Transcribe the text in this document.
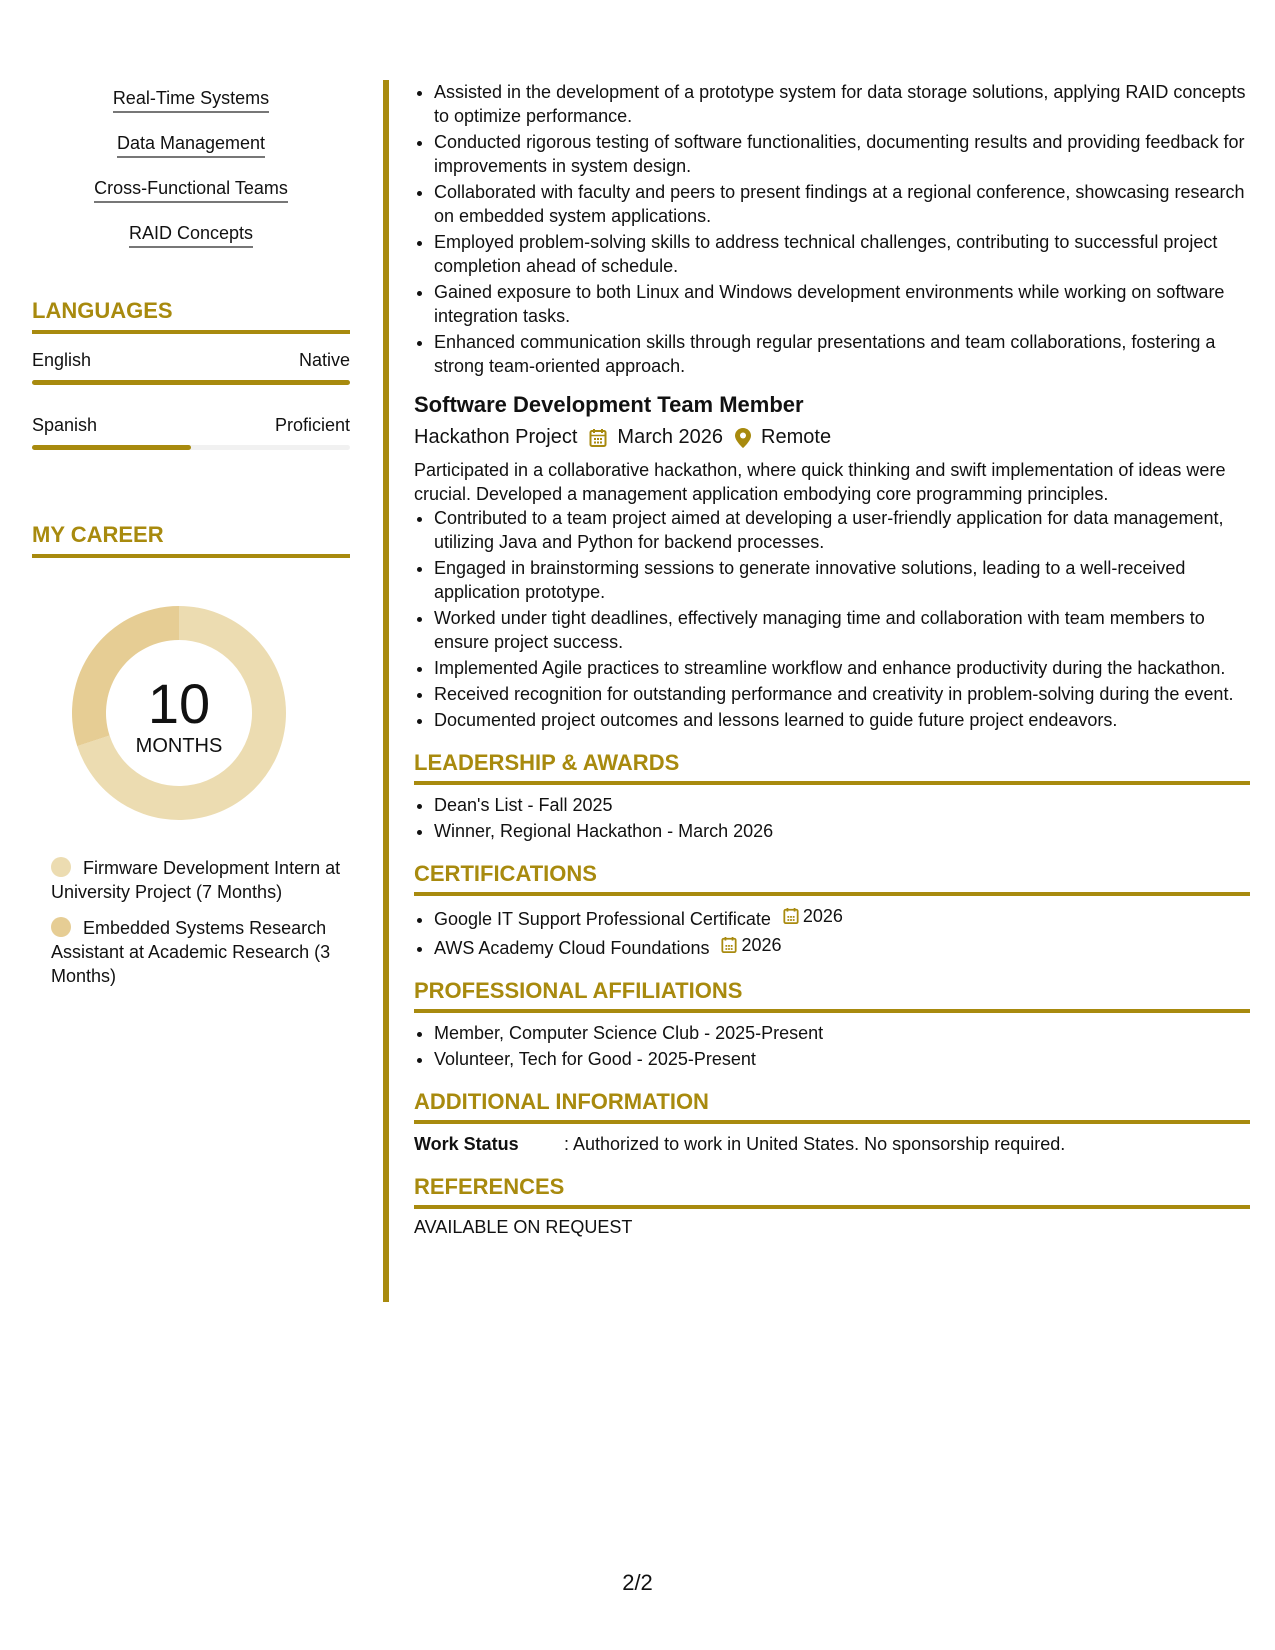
Real-Time Systems
Data Management
Cross-Functional Teams
RAID Concepts
LANGUAGES
English	Native
Spanish	Proficient
MY CAREER
10
MONTHS
Firmware Development Intern at University Project (7 Months)
Embedded Systems Research Assistant at Academic Research (3 Months)
• Assisted in the development of a prototype system for data storage solutions, applying RAID concepts to optimize performance.
• Conducted rigorous testing of software functionalities, documenting results and providing feedback for improvements in system design.
• Collaborated with faculty and peers to present findings at a regional conference, showcasing research on embedded system applications.
• Employed problem-solving skills to address technical challenges, contributing to successful project completion ahead of schedule.
• Gained exposure to both Linux and Windows development environments while working on software integration tasks.
• Enhanced communication skills through regular presentations and team collaborations, fostering a strong team-oriented approach.
Software Development Team Member
Hackathon Project March 2026 Remote
Participated in a collaborative hackathon, where quick thinking and swift implementation of ideas were crucial. Developed a management application embodying core programming principles.
• Contributed to a team project aimed at developing a user-friendly application for data management, utilizing Java and Python for backend processes.
• Engaged in brainstorming sessions to generate innovative solutions, leading to a well-received application prototype.
• Worked under tight deadlines, effectively managing time and collaboration with team members to ensure project success.
• Implemented Agile practices to streamline workflow and enhance productivity during the hackathon.
• Received recognition for outstanding performance and creativity in problem-solving during the event.
• Documented project outcomes and lessons learned to guide future project endeavors.
LEADERSHIP & AWARDS
• Dean's List - Fall 2025
• Winner, Regional Hackathon - March 2026
CERTIFICATIONS
• Google IT Support Professional Certificate 2026
• AWS Academy Cloud Foundations 2026
PROFESSIONAL AFFILIATIONS
• Member, Computer Science Club - 2025-Present
• Volunteer, Tech for Good - 2025-Present
ADDITIONAL INFORMATION
Work Status	: Authorized to work in United States. No sponsorship required.
REFERENCES
AVAILABLE ON REQUEST
2/2
